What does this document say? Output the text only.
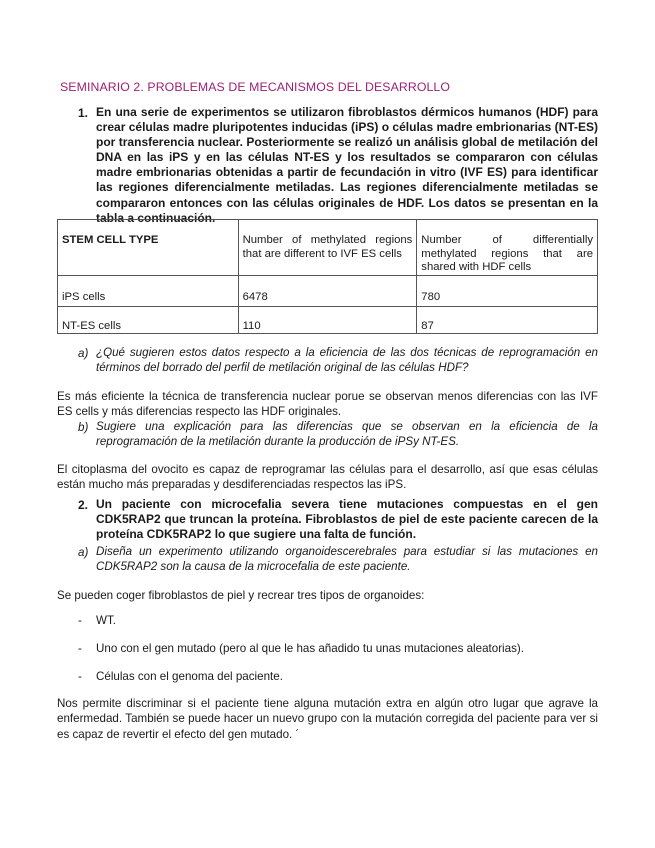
SEMINARIO 2. PROBLEMAS DE MECANISMOS DEL DESARROLLO
1. En una serie de experimentos se utilizaron fibroblastos dérmicos humanos (HDF) para crear células madre pluripotentes inducidas (iPS) o células madre embrionarias (NT-ES) por transferencia nuclear. Posteriormente se realizó un análisis global de metilación del DNA en las iPS y en las células NT-ES y los resultados se compararon con células madre embrionarias obtenidas a partir de fecundación in vitro (IVF ES) para identificar las regiones diferencialmente metiladas. Las regiones diferencialmente metiladas se compararon entonces con las células originales de HDF. Los datos se presentan en la tabla a continuación.
STEM CELL TYPE	Number of methylated regions that are different to IVF ES cells	Number of differentially methylated regions that are shared with HDF cells
iPS cells	6478	780
NT-ES cells	110	87
a) ¿Qué sugieren estos datos respecto a la eficiencia de las dos técnicas de reprogramación en términos del borrado del perfil de metilación original de las células HDF?
Es más eficiente la técnica de transferencia nuclear porue se observan menos diferencias con las IVF ES cells y más diferencias respecto las HDF originales.
b) Sugiere una explicación para las diferencias que se observan en la eficiencia de la reprogramación de la metilación durante la producción de iPSy NT-ES.
El citoplasma del ovocito es capaz de reprogramar las células para el desarrollo, así que esas células están mucho más preparadas y desdiferenciadas respectos las iPS.
2. Un paciente con microcefalia severa tiene mutaciones compuestas en el gen CDK5RAP2 que truncan la proteína. Fibroblastos de piel de este paciente carecen de la proteína CDK5RAP2 lo que sugiere una falta de función.
a) Diseña un experimento utilizando organoidescerebrales para estudiar si las mutaciones en CDK5RAP2 son la causa de la microcefalia de este paciente.
Se pueden coger fibroblastos de piel y recrear tres tipos de organoides:
- WT.
- Uno con el gen mutado (pero al que le has añadido tu unas mutaciones aleatorias).
- Células con el genoma del paciente.
Nos permite discriminar si el paciente tiene alguna mutación extra en algún otro lugar que agrave la enfermedad. También se puede hacer un nuevo grupo con la mutación corregida del paciente para ver si es capaz de revertir el efecto del gen mutado. ´
